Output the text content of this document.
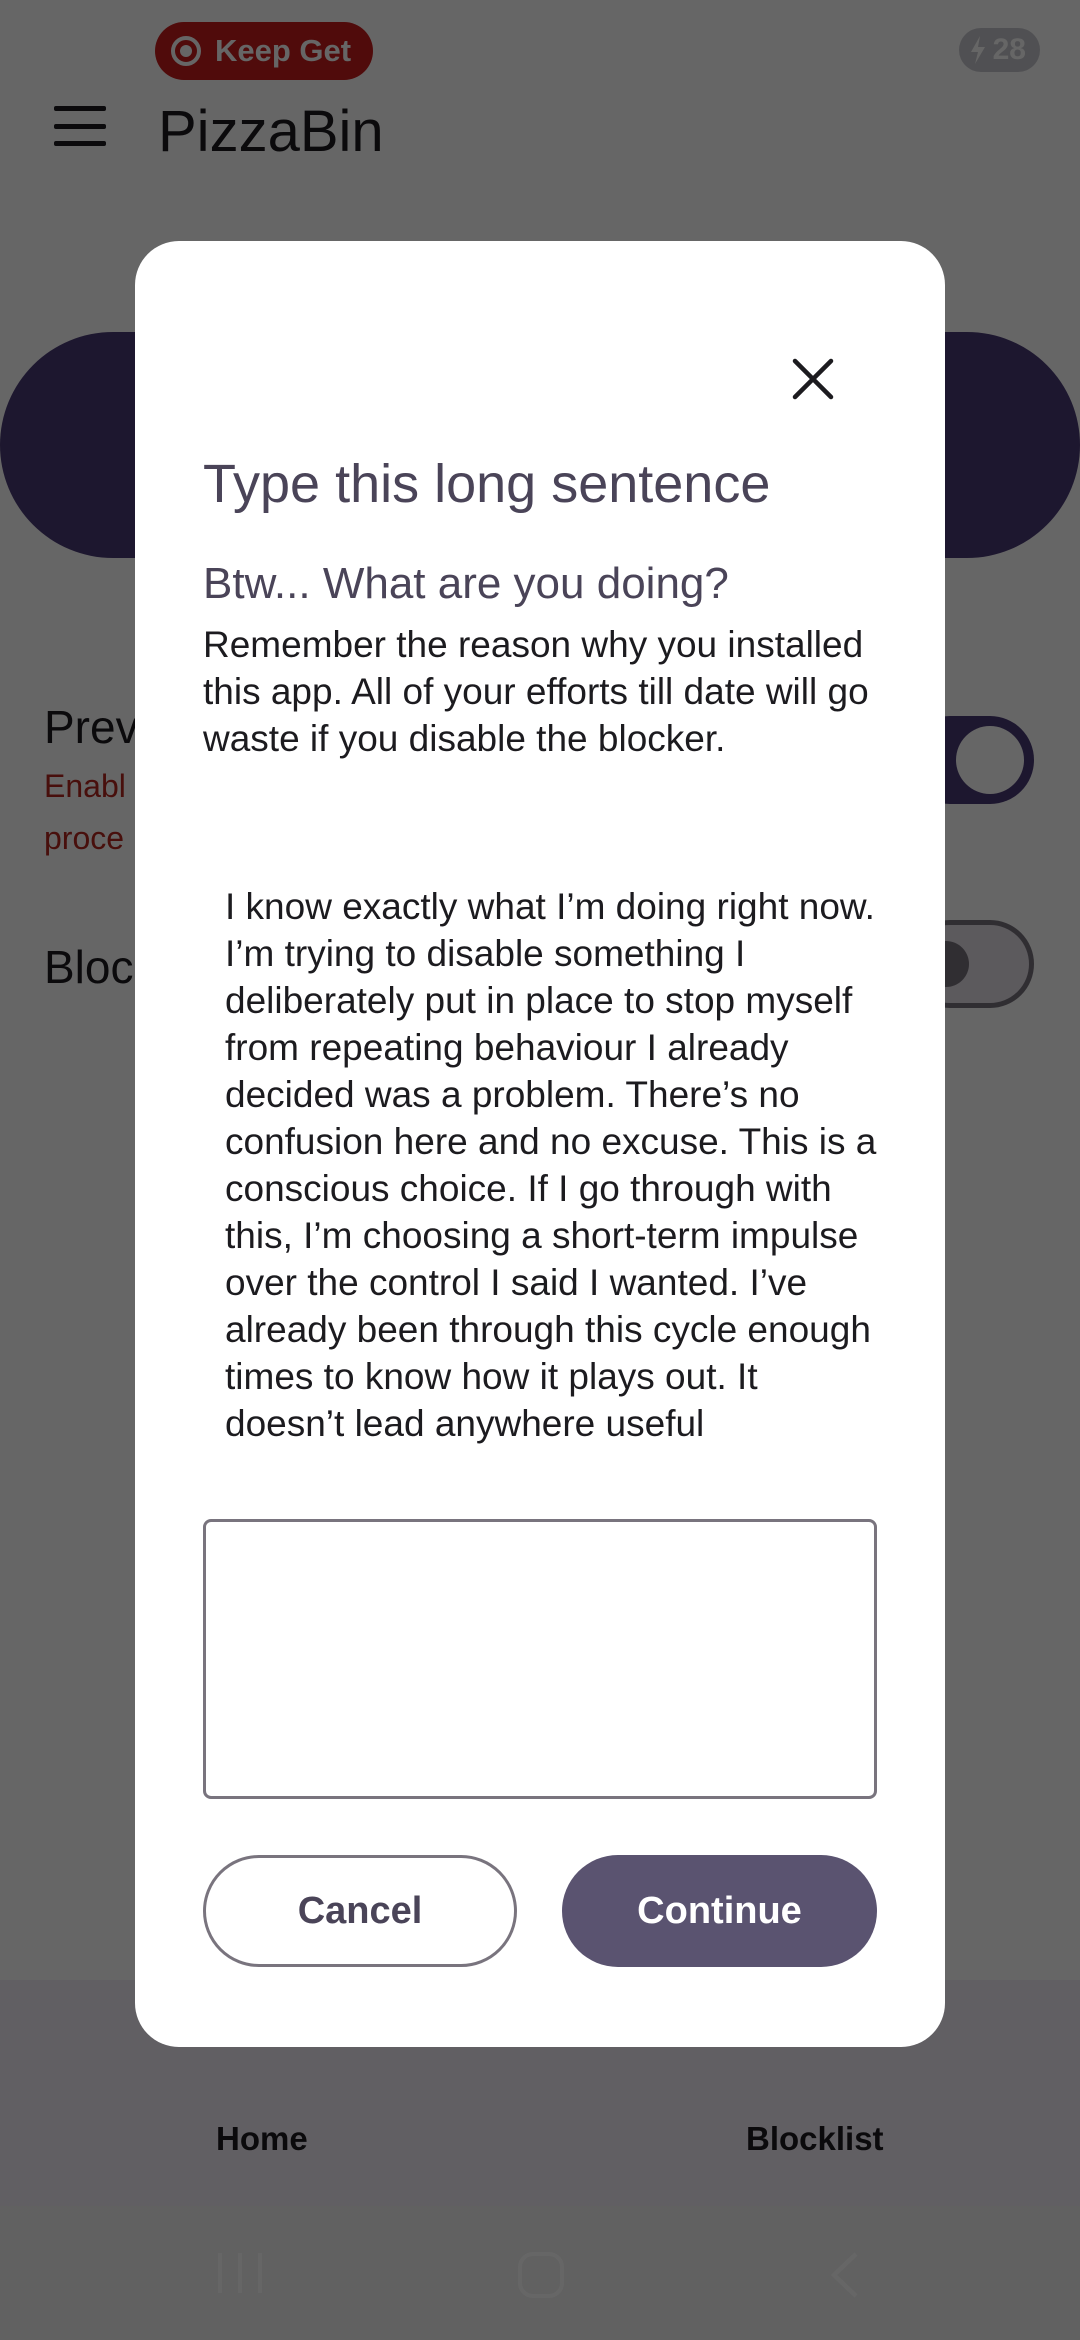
Type this long sentence
Btw... What are you doing?
Remember the reason why you installed this app. All of your efforts till date will go waste if you disable the blocker.
I know exactly what I’m doing right now. I’m trying to disable something I deliberately put in place to stop myself from repeating behaviour I already decided was a problem. There’s no confusion here and no excuse. This is a conscious choice. If I go through with this, I’m choosing a short-term impulse over the control I said I wanted. I’ve already been through this cycle enough times to know how it plays out. It doesn’t lead anywhere useful
Cancel	Continue
